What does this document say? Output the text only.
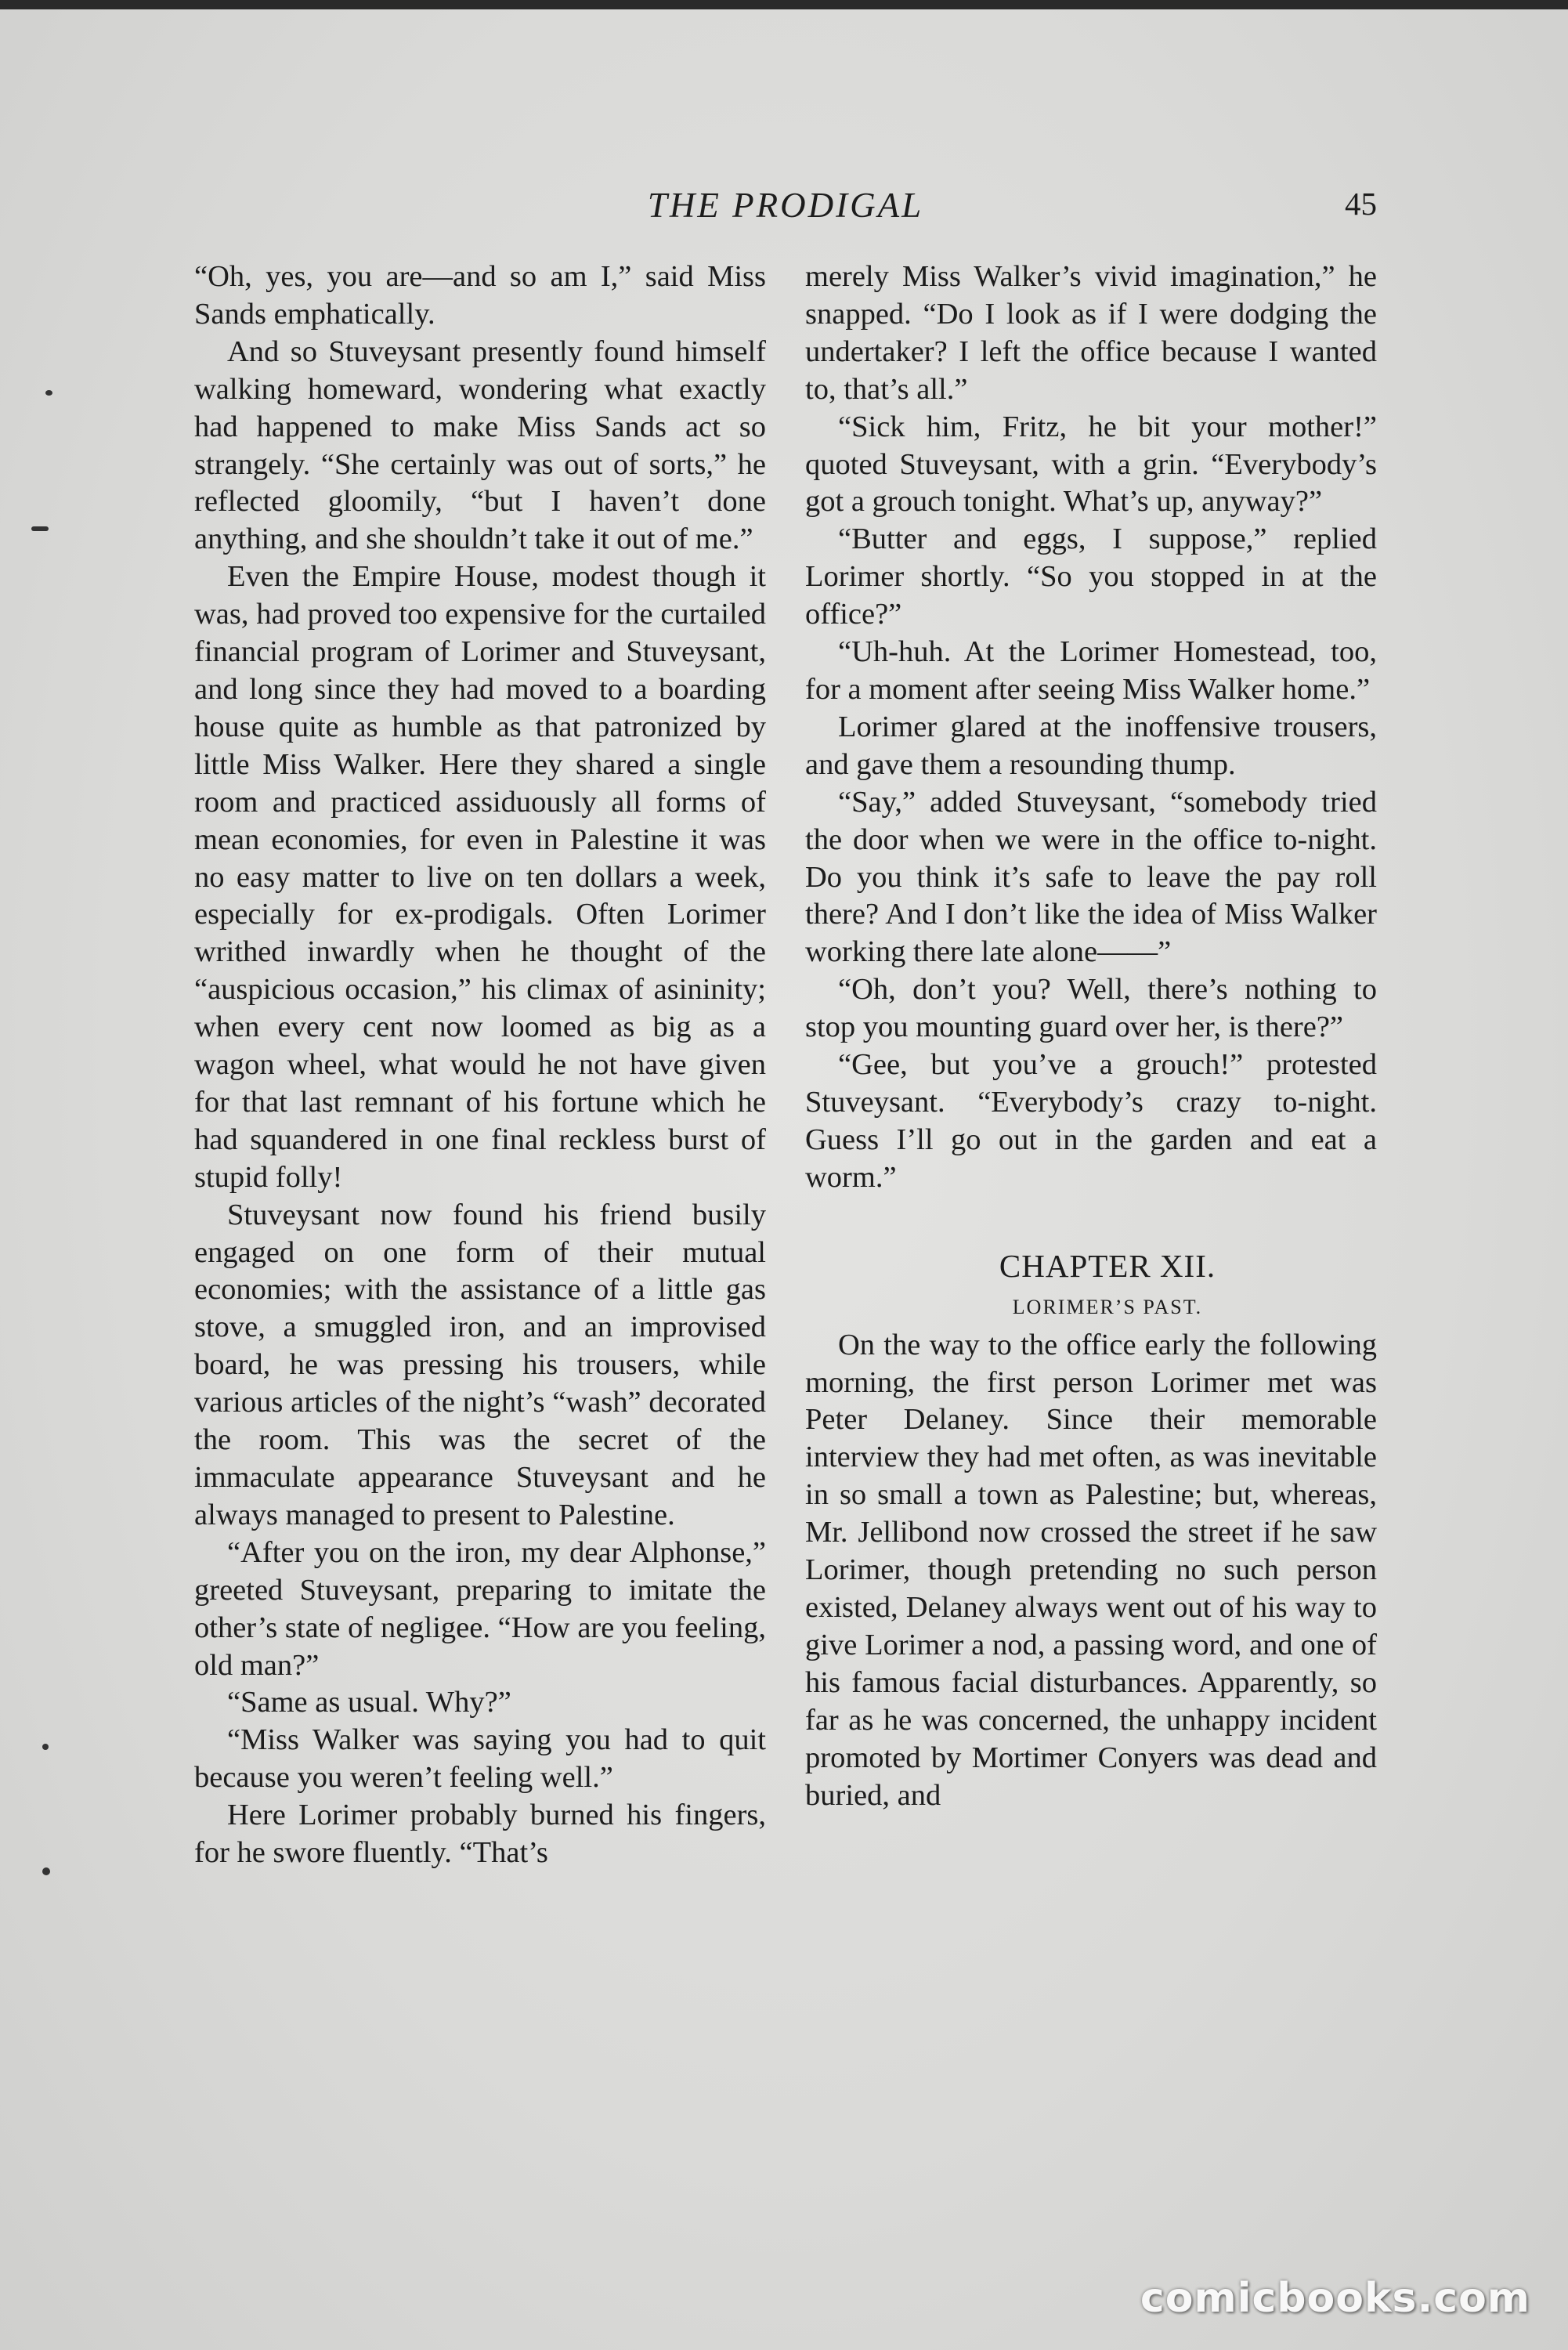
THE PRODIGAL	45

“Oh, yes, you are—and so am I,” said Miss Sands emphatically.

And so Stuveysant presently found himself walking homeward, wondering what exactly had happened to make Miss Sands act so strangely. “She certainly was out of sorts,” he reflected gloomily, “but I haven’t done anything, and she shouldn’t take it out of me.”

Even the Empire House, modest though it was, had proved too expensive for the curtailed financial program of Lorimer and Stuveysant, and long since they had moved to a boarding house quite as humble as that patronized by little Miss Walker. Here they shared a single room and practiced assiduously all forms of mean economies, for even in Palestine it was no easy matter to live on ten dollars a week, especially for ex-prodigals. Often Lorimer writhed inwardly when he thought of the “auspicious occasion,” his climax of asininity; when every cent now loomed as big as a wagon wheel, what would he not have given for that last remnant of his fortune which he had squandered in one final reckless burst of stupid folly!

Stuveysant now found his friend busily engaged on one form of their mutual economies; with the assistance of a little gas stove, a smuggled iron, and an improvised board, he was pressing his trousers, while various articles of the night’s “wash” decorated the room. This was the secret of the immaculate appearance Stuveysant and he always managed to present to Palestine.

“After you on the iron, my dear Alphonse,” greeted Stuveysant, preparing to imitate the other’s state of negligee. “How are you feeling, old man?”

“Same as usual. Why?”

“Miss Walker was saying you had to quit because you weren’t feeling well.”

Here Lorimer probably burned his fingers, for he swore fluently. “That’s

merely Miss Walker’s vivid imagination,” he snapped. “Do I look as if I were dodging the undertaker? I left the office because I wanted to, that’s all.”

“Sick him, Fritz, he bit your mother!” quoted Stuveysant, with a grin. “Everybody’s got a grouch tonight. What’s up, anyway?”

“Butter and eggs, I suppose,” replied Lorimer shortly. “So you stopped in at the office?”

“Uh-huh. At the Lorimer Homestead, too, for a moment after seeing Miss Walker home.”

Lorimer glared at the inoffensive trousers, and gave them a resounding thump.

“Say,” added Stuveysant, “somebody tried the door when we were in the office to-night. Do you think it’s safe to leave the pay roll there? And I don’t like the idea of Miss Walker working there late alone——”

“Oh, don’t you? Well, there’s nothing to stop you mounting guard over her, is there?”

“Gee, but you’ve a grouch!” protested Stuveysant. “Everybody’s crazy to-night. Guess I’ll go out in the garden and eat a worm.”

CHAPTER XII.

LORIMER’S PAST.

On the way to the office early the following morning, the first person Lorimer met was Peter Delaney. Since their memorable interview they had met often, as was inevitable in so small a town as Palestine; but, whereas, Mr. Jellibond now crossed the street if he saw Lorimer, though pretending no such person existed, Delaney always went out of his way to give Lorimer a nod, a passing word, and one of his famous facial disturbances. Apparently, so far as he was concerned, the unhappy incident promoted by Mortimer Conyers was dead and buried, and

comicbooks.com
